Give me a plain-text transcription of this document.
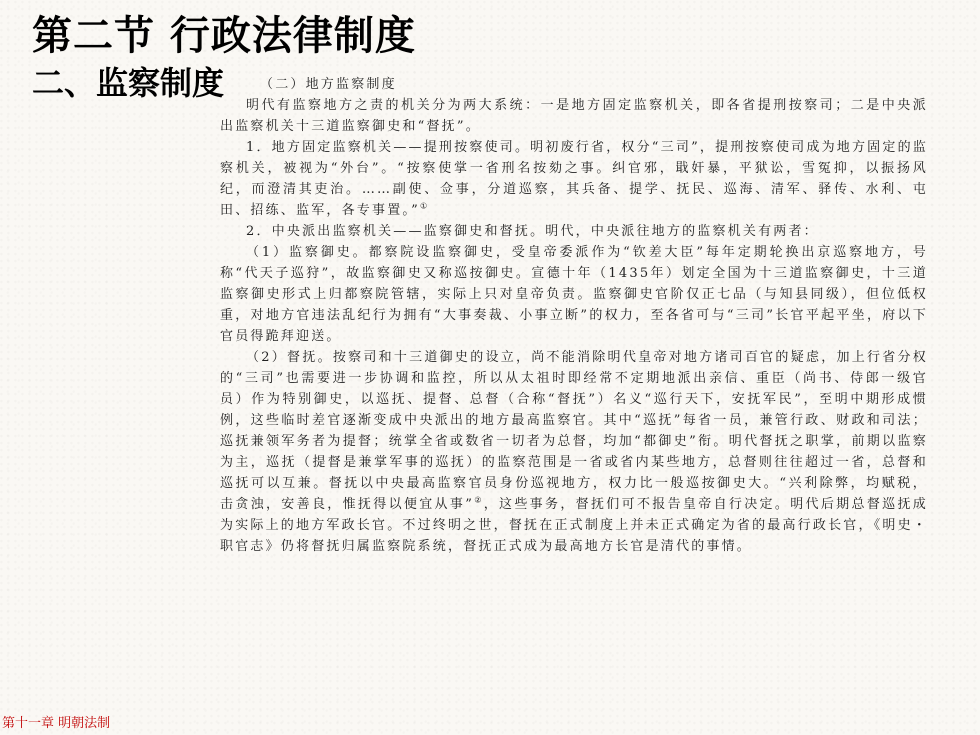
第二节 行政法律制度
二、监察制度	（二）地方监察制度

明代有监察地方之责的机关分为两大系统：一是地方固定监察机关，即各省提刑按察司；二是中央派出监察机关十三道监察御史和“督抚”。

1．地方固定监察机关——提刑按察使司。明初废行省，权分“三司”，提刑按察使司成为地方固定的监察机关，被视为“外台”。“按察使掌一省刑名按劾之事。纠官邪，戢奸暴，平狱讼，雪冤抑，以振扬风纪，而澄清其吏治。……副使、佥事，分道巡察，其兵备、提学、抚民、巡海、清军、驿传、水利、屯田、招练、监军，各专事置。”①

2．中央派出监察机关——监察御史和督抚。明代，中央派往地方的监察机关有两者：

（1）监察御史。都察院设监察御史，受皇帝委派作为“钦差大臣”每年定期轮换出京巡察地方，号称“代天子巡狩”，故监察御史又称巡按御史。宣德十年（1435年）划定全国为十三道监察御史，十三道监察御史形式上归都察院管辖，实际上只对皇帝负责。监察御史官阶仅正七品（与知县同级），但位低权重，对地方官违法乱纪行为拥有“大事奏裁、小事立断”的权力，至各省可与“三司”长官平起平坐，府以下官员得跪拜迎送。

（2）督抚。按察司和十三道御史的设立，尚不能消除明代皇帝对地方诸司百官的疑虑，加上行省分权的“三司”也需要进一步协调和监控，所以从太祖时即经常不定期地派出亲信、重臣（尚书、侍郎一级官员）作为特别御史，以巡抚、提督、总督（合称“督抚”）名义“巡行天下，安抚军民”，至明中期形成惯例，这些临时差官逐渐变成中央派出的地方最高监察官。其中“巡抚”每省一员，兼管行政、财政和司法；巡抚兼领军务者为提督；统掌全省或数省一切者为总督，均加“都御史”衔。明代督抚之职掌，前期以监察为主，巡抚（提督是兼掌军事的巡抚）的监察范围是一省或省内某些地方，总督则往往超过一省，总督和巡抚可以互兼。督抚以中央最高监察官员身份巡视地方，权力比一般巡按御史大。“兴利除弊，均赋税，击贪浊，安善良，惟抚得以便宜从事”②，这些事务，督抚们可不报告皇帝自行决定。明代后期总督巡抚成为实际上的地方军政长官。不过终明之世，督抚在正式制度上并未正式确定为省的最高行政长官，《明史・职官志》仍将督抚归属监察院系统，督抚正式成为最高地方长官是清代的事情。

第十一章 明朝法制
